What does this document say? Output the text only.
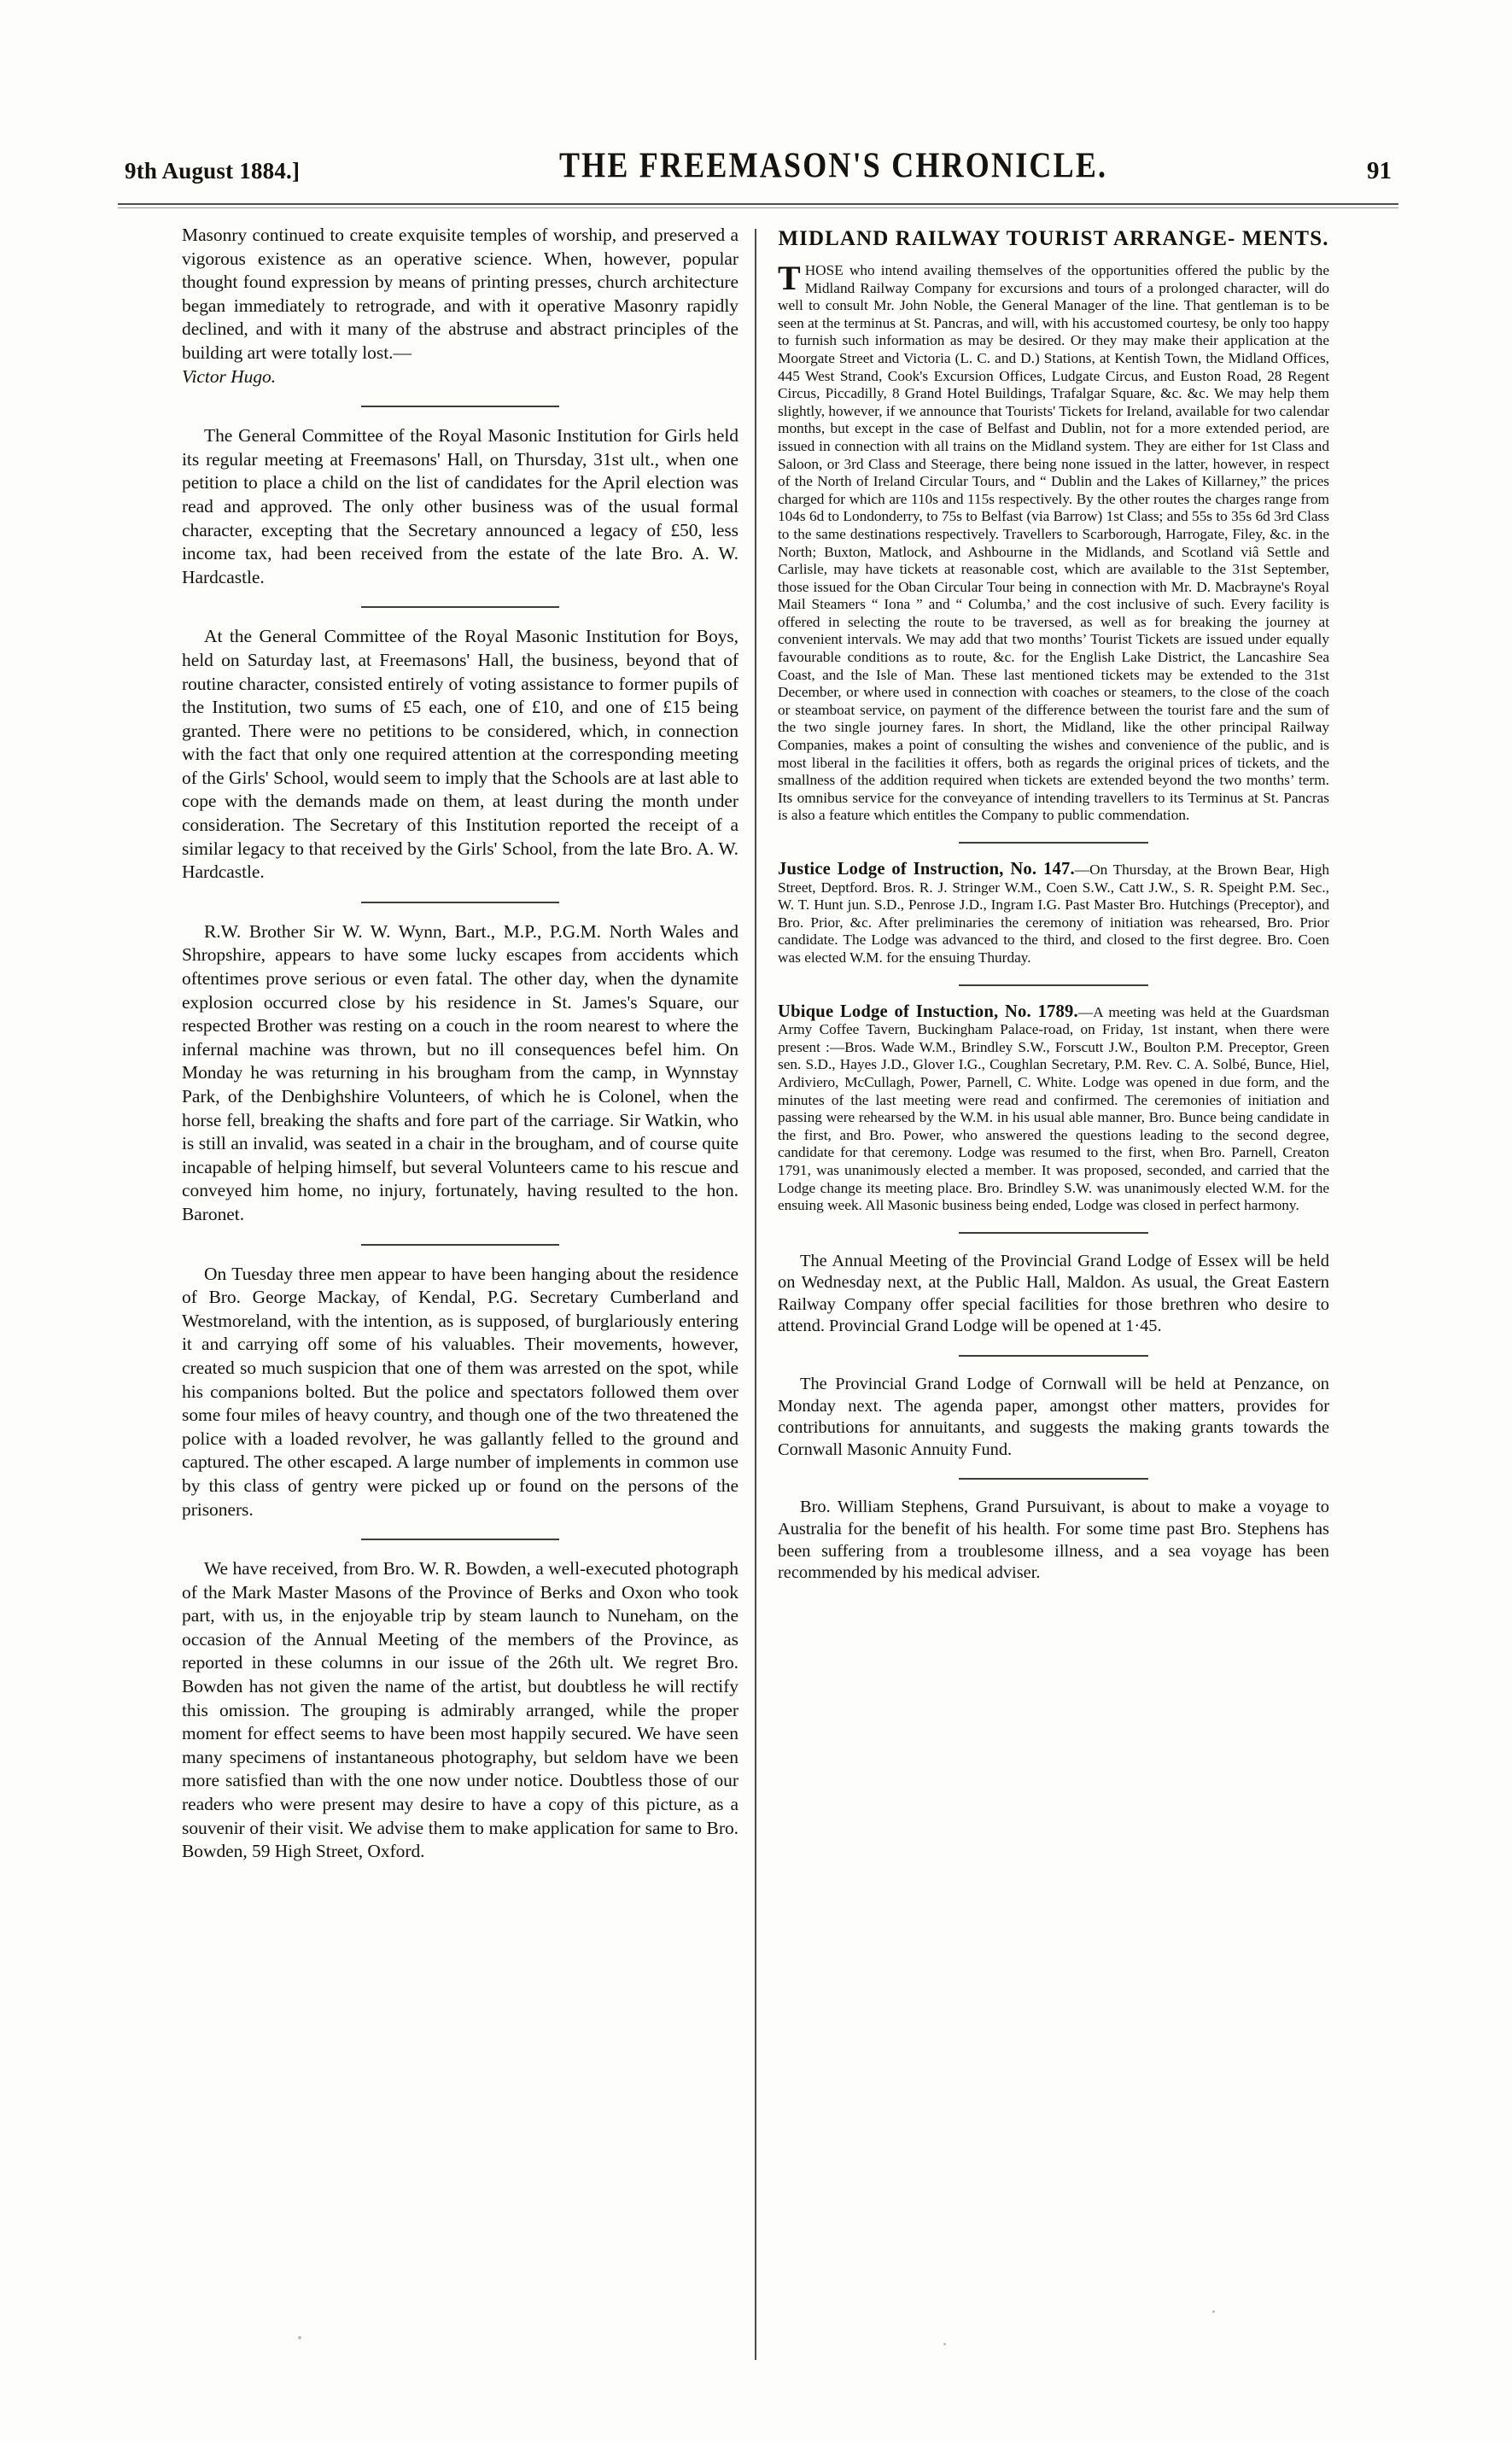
9th August 1884.]	THE FREEMASON'S CHRONICLE.	91

Masonry continued to create exquisite temples of worship, and preserved a vigorous existence as an operative science. When, however, popular thought found expression by means of printing presses, church architecture began immediately to retrograde, and with it operative Masonry rapidly declined, and with it many of the abstruse and abstract principles of the building art were totally lost.—
Victor Hugo.

The General Committee of the Royal Masonic Institution for Girls held its regular meeting at Freemasons' Hall, on Thursday, 31st ult., when one petition to place a child on the list of candidates for the April election was read and approved. The only other business was of the usual formal character, excepting that the Secretary announced a legacy of £50, less income tax, had been received from the estate of the late Bro. A. W. Hardcastle.

At the General Committee of the Royal Masonic Institution for Boys, held on Saturday last, at Freemasons' Hall, the business, beyond that of routine character, consisted entirely of voting assistance to former pupils of the Institution, two sums of £5 each, one of £10, and one of £15 being granted. There were no petitions to be considered, which, in connection with the fact that only one required attention at the corresponding meeting of the Girls' School, would seem to imply that the Schools are at last able to cope with the demands made on them, at least during the month under consideration. The Secretary of this Institution reported the receipt of a similar legacy to that received by the Girls' School, from the late Bro. A. W. Hardcastle.

R.W. Brother Sir W. W. Wynn, Bart., M.P., P.G.M. North Wales and Shropshire, appears to have some lucky escapes from accidents which oftentimes prove serious or even fatal. The other day, when the dynamite explosion occurred close by his residence in St. James's Square, our respected Brother was resting on a couch in the room nearest to where the infernal machine was thrown, but no ill consequences befel him. On Monday he was returning in his brougham from the camp, in Wynnstay Park, of the Denbighshire Volunteers, of which he is Colonel, when the horse fell, breaking the shafts and fore part of the carriage. Sir Watkin, who is still an invalid, was seated in a chair in the brougham, and of course quite incapable of helping himself, but several Volunteers came to his rescue and conveyed him home, no injury, fortunately, having resulted to the hon. Baronet.

On Tuesday three men appear to have been hanging about the residence of Bro. George Mackay, of Kendal, P.G. Secretary Cumberland and Westmoreland, with the intention, as is supposed, of burglariously entering it and carrying off some of his valuables. Their movements, however, created so much suspicion that one of them was arrested on the spot, while his companions bolted. But the police and spectators followed them over some four miles of heavy country, and though one of the two threatened the police with a loaded revolver, he was gallantly felled to the ground and captured. The other escaped. A large number of implements in common use by this class of gentry were picked up or found on the persons of the prisoners.

We have received, from Bro. W. R. Bowden, a well-executed photograph of the Mark Master Masons of the Province of Berks and Oxon who took part, with us, in the enjoyable trip by steam launch to Nuneham, on the occasion of the Annual Meeting of the members of the Province, as reported in these columns in our issue of the 26th ult. We regret Bro. Bowden has not given the name of the artist, but doubtless he will rectify this omission. The grouping is admirably arranged, while the proper moment for effect seems to have been most happily secured. We have seen many specimens of instantaneous photography, but seldom have we been more satisfied than with the one now under notice. Doubtless those of our readers who were present may desire to have a copy of this picture, as a souvenir of their visit. We advise them to make application for same to Bro. Bowden, 59 High Street, Oxford.

MIDLAND RAILWAY TOURIST ARRANGE- MENTS.

THOSE who intend availing themselves of the opportunities offered the public by the Midland Railway Company for excursions and tours of a prolonged character, will do well to consult Mr. John Noble, the General Manager of the line. That gentleman is to be seen at the terminus at St. Pancras, and will, with his accustomed courtesy, be only too happy to furnish such information as may be desired. Or they may make their application at the Moorgate Street and Victoria (L. C. and D.) Stations, at Kentish Town, the Midland Offices, 445 West Strand, Cook's Excursion Offices, Ludgate Circus, and Euston Road, 28 Regent Circus, Piccadilly, 8 Grand Hotel Buildings, Trafalgar Square, &c. &c. We may help them slightly, however, if we announce that Tourists' Tickets for Ireland, available for two calendar months, but except in the case of Belfast and Dublin, not for a more extended period, are issued in connection with all trains on the Midland system. They are either for 1st Class and Saloon, or 3rd Class and Steerage, there being none issued in the latter, however, in respect of the North of Ireland Circular Tours, and “ Dublin and the Lakes of Killarney,” the prices charged for which are 110s and 115s respectively. By the other routes the charges range from 104s 6d to Londonderry, to 75s to Belfast (via Barrow) 1st Class; and 55s to 35s 6d 3rd Class to the same destinations respectively. Travellers to Scarborough, Harrogate, Filey, &c. in the North; Buxton, Matlock, and Ashbourne in the Midlands, and Scotland viâ Settle and Carlisle, may have tickets at reasonable cost, which are available to the 31st September, those issued for the Oban Circular Tour being in connection with Mr. D. Macbrayne's Royal Mail Steamers “ Iona ” and “ Columba,’ and the cost inclusive of such. Every facility is offered in selecting the route to be traversed, as well as for breaking the journey at convenient intervals. We may add that two months’ Tourist Tickets are issued under equally favourable conditions as to route, &c. for the English Lake District, the Lancashire Sea Coast, and the Isle of Man. These last mentioned tickets may be extended to the 31st December, or where used in connection with coaches or steamers, to the close of the coach or steamboat service, on payment of the difference between the tourist fare and the sum of the two single journey fares. In short, the Midland, like the other principal Railway Companies, makes a point of consulting the wishes and convenience of the public, and is most liberal in the facilities it offers, both as regards the original prices of tickets, and the smallness of the addition required when tickets are extended beyond the two months’ term. Its omnibus service for the conveyance of intending travellers to its Terminus at St. Pancras is also a feature which entitles the Company to public commendation.

Justice Lodge of Instruction, No. 147.—On Thursday, at the Brown Bear, High Street, Deptford. Bros. R. J. Stringer W.M., Coen S.W., Catt J.W., S. R. Speight P.M. Sec., W. T. Hunt jun. S.D., Penrose J.D., Ingram I.G. Past Master Bro. Hutchings (Preceptor), and Bro. Prior, &c. After preliminaries the ceremony of initiation was rehearsed, Bro. Prior candidate. The Lodge was advanced to the third, and closed to the first degree. Bro. Coen was elected W.M. for the ensuing Thurday.

Ubique Lodge of Instuction, No. 1789.—A meeting was held at the Guardsman Army Coffee Tavern, Buckingham Palace-road, on Friday, 1st instant, when there were present :—Bros. Wade W.M., Brindley S.W., Forscutt J.W., Boulton P.M. Preceptor, Green sen. S.D., Hayes J.D., Glover I.G., Coughlan Secretary, P.M. Rev. C. A. Solbé, Bunce, Hiel, Ardiviero, McCullagh, Power, Parnell, C. White. Lodge was opened in due form, and the minutes of the last meeting were read and confirmed. The ceremonies of initiation and passing were rehearsed by the W.M. in his usual able manner, Bro. Bunce being candidate in the first, and Bro. Power, who answered the questions leading to the second degree, candidate for that ceremony. Lodge was resumed to the first, when Bro. Parnell, Creaton 1791, was unanimously elected a member. It was proposed, seconded, and carried that the Lodge change its meeting place. Bro. Brindley S.W. was unanimously elected W.M. for the ensuing week. All Masonic business being ended, Lodge was closed in perfect harmony.

The Annual Meeting of the Provincial Grand Lodge of Essex will be held on Wednesday next, at the Public Hall, Maldon. As usual, the Great Eastern Railway Company offer special facilities for those brethren who desire to attend. Provincial Grand Lodge will be opened at 1·45.

The Provincial Grand Lodge of Cornwall will be held at Penzance, on Monday next. The agenda paper, amongst other matters, provides for contributions for annuitants, and suggests the making grants towards the Cornwall Masonic Annuity Fund.

Bro. William Stephens, Grand Pursuivant, is about to make a voyage to Australia for the benefit of his health. For some time past Bro. Stephens has been suffering from a troublesome illness, and a sea voyage has been recommended by his medical adviser.
